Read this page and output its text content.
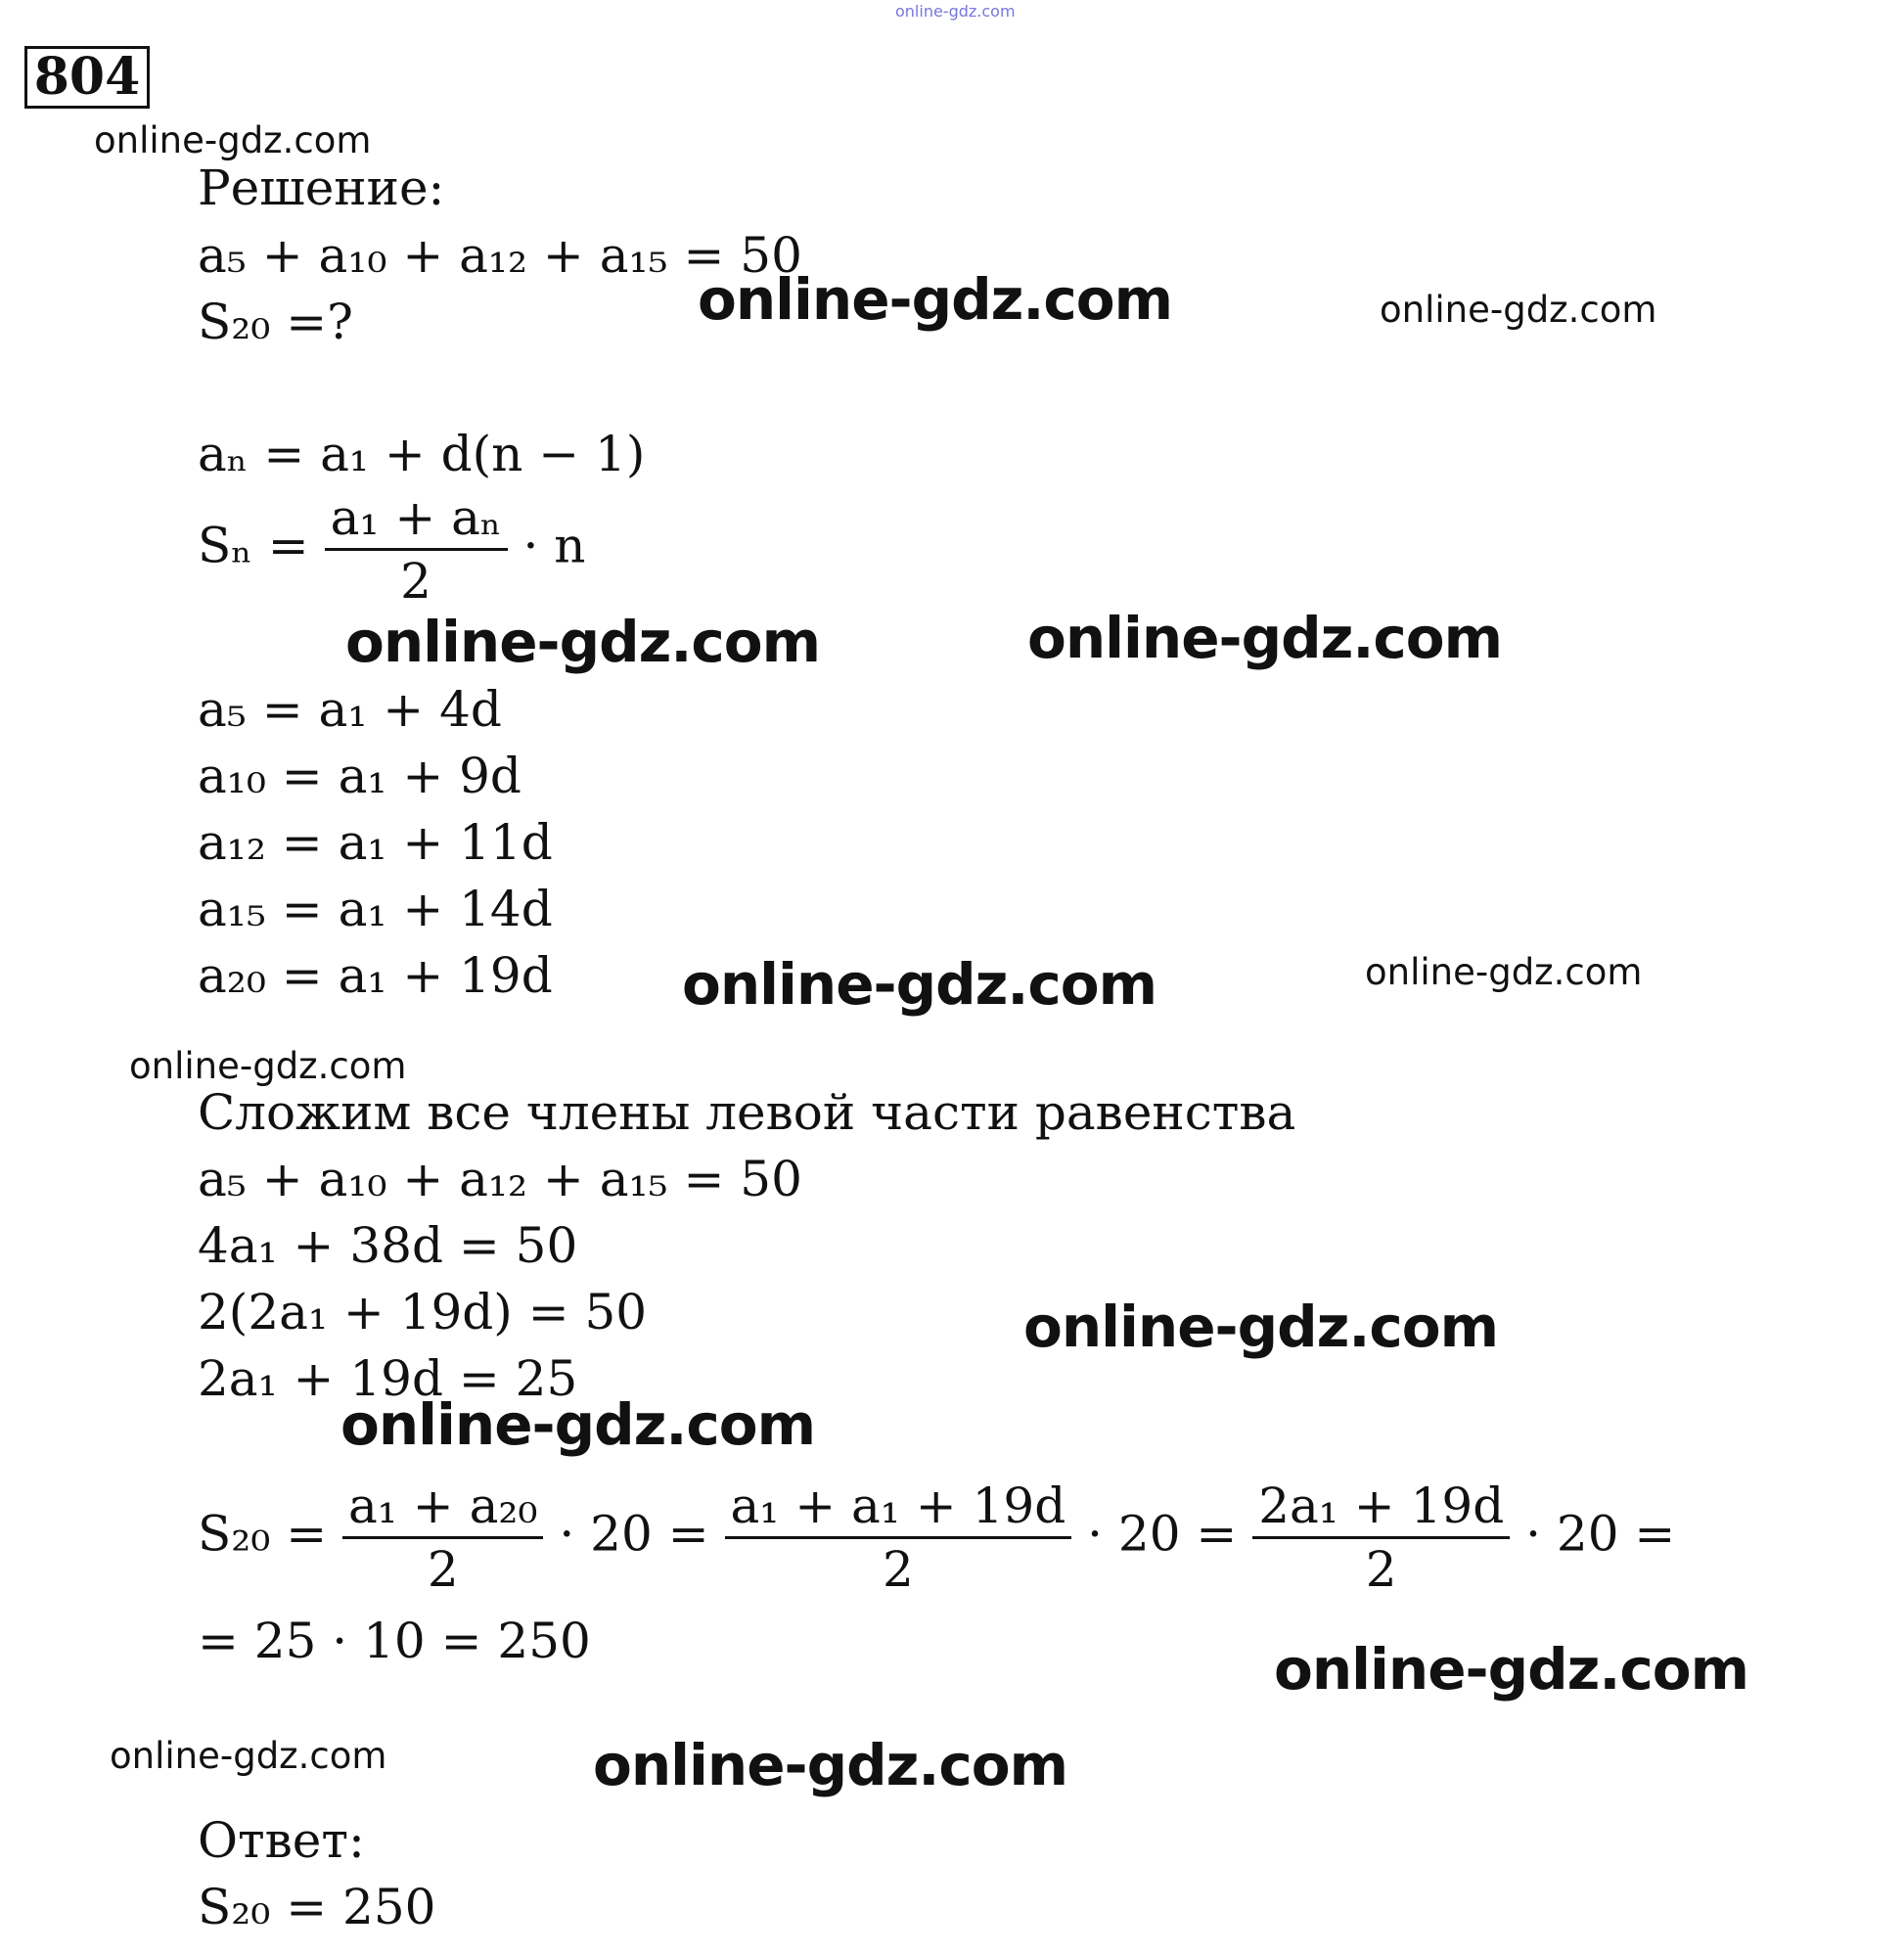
online-gdz.com
804
online-gdz.com
online-gdz.com	online-gdz.com
online-gdz.com	online-gdz.com
online-gdz.com	online-gdz.com
online-gdz.com
online-gdz.com
online-gdz.com
online-gdz.com
online-gdz.com	online-gdz.com
Решение:
a₅ + a₁₀ + a₁₂ + a₁₅ = 50
S₂₀ =?
aₙ = a₁ + d(n − 1)
$S_n = \frac{\text{a₁ + aₙ}}{2} \cdot n$
a₅ = a₁ + 4d
a₁₀ = a₁ + 9d
a₁₂ = a₁ + 11d
a₁₅ = a₁ + 14d
a₂₀ = a₁ + 19d
Сложим все члены левой части равенства
a₅ + a₁₀ + a₁₂ + a₁₅ = 50
4a₁ + 38d = 50
2(2a₁ + 19d) = 50
2a₁ + 19d = 25
$S_{20} = \frac{\text{a₁ + a₂₀}}{2} \cdot 20 = \frac{\text{a₁ + a₁ + 19d}}{2} \cdot 20 = \frac{\text{2a₁ + 19d}}{2} \cdot 20$ =
= 25 · 10 = 250
Ответ:
S₂₀ = 250
